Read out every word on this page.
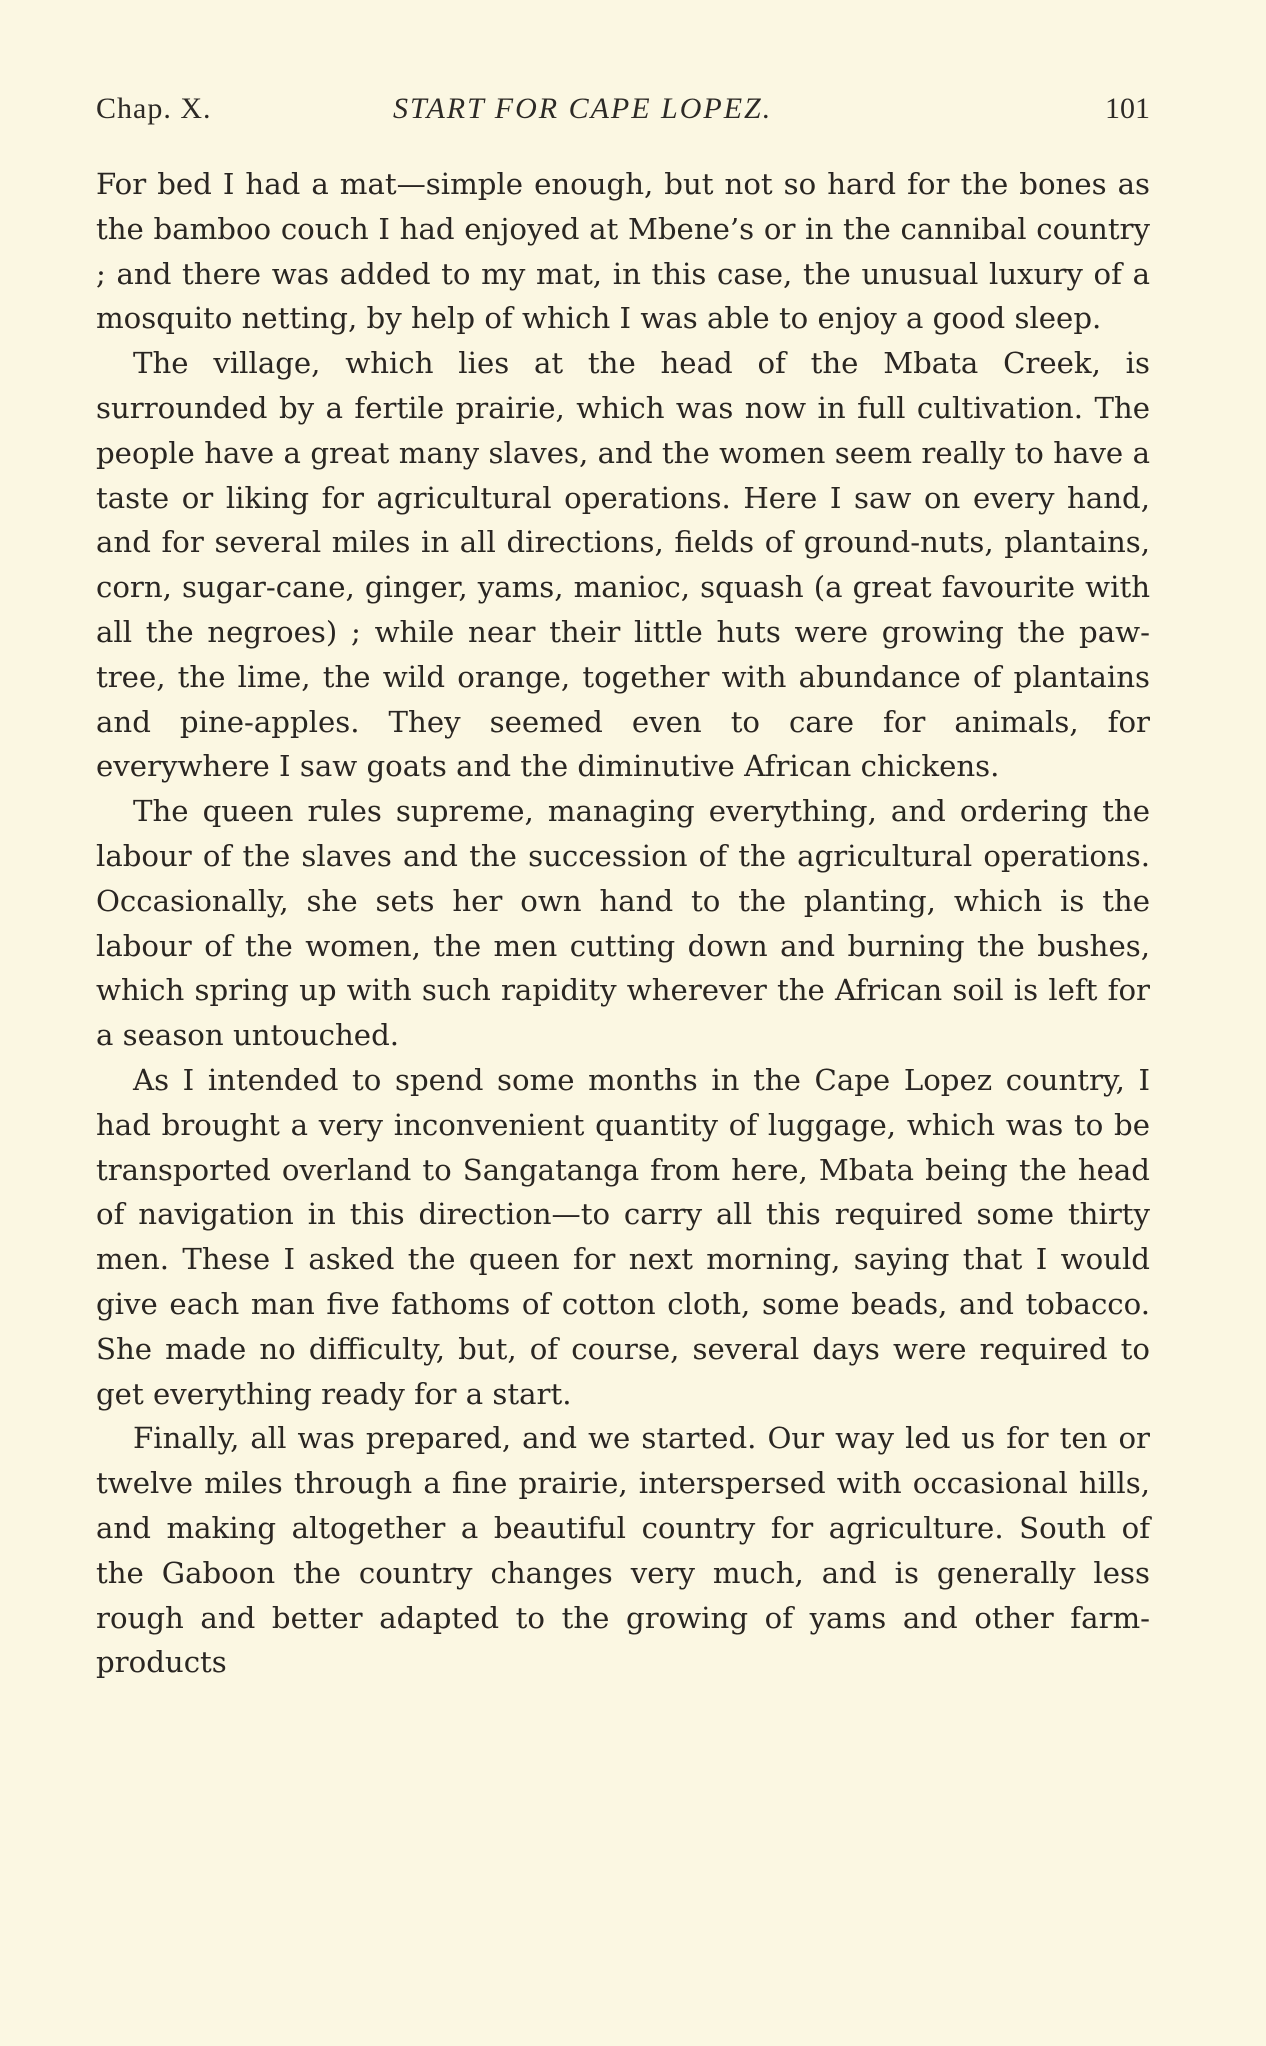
Chap. X.	START FOR CAPE LOPEZ.	101

For bed I had a mat—simple enough, but not so hard for the bones as the bamboo couch I had enjoyed at Mbene’s or in the cannibal country ; and there was added to my mat, in this case, the unusual luxury of a mosquito netting, by help of which I was able to enjoy a good sleep.

The village, which lies at the head of the Mbata Creek, is surrounded by a fertile prairie, which was now in full cultivation. The people have a great many slaves, and the women seem really to have a taste or liking for agricultural operations. Here I saw on every hand, and for several miles in all directions, fields of ground-nuts, plantains, corn, sugar-cane, ginger, yams, manioc, squash (a great favourite with all the negroes) ; while near their little huts were growing the paw-tree, the lime, the wild orange, together with abundance of plantains and pine-apples. They seemed even to care for animals, for everywhere I saw goats and the diminutive African chickens.

The queen rules supreme, managing everything, and ordering the labour of the slaves and the succession of the agricultural operations. Occasionally, she sets her own hand to the planting, which is the labour of the women, the men cutting down and burning the bushes, which spring up with such rapidity wherever the African soil is left for a season untouched.

As I intended to spend some months in the Cape Lopez country, I had brought a very inconvenient quantity of luggage, which was to be transported overland to Sangatanga from here, Mbata being the head of navigation in this direction—to carry all this required some thirty men. These I asked the queen for next morning, saying that I would give each man five fathoms of cotton cloth, some beads, and tobacco. She made no difficulty, but, of course, several days were required to get everything ready for a start.

Finally, all was prepared, and we started. Our way led us for ten or twelve miles through a fine prairie, interspersed with occasional hills, and making altogether a beautiful country for agriculture. South of the Gaboon the country changes very much, and is generally less rough and better adapted to the growing of yams and other farm-products
